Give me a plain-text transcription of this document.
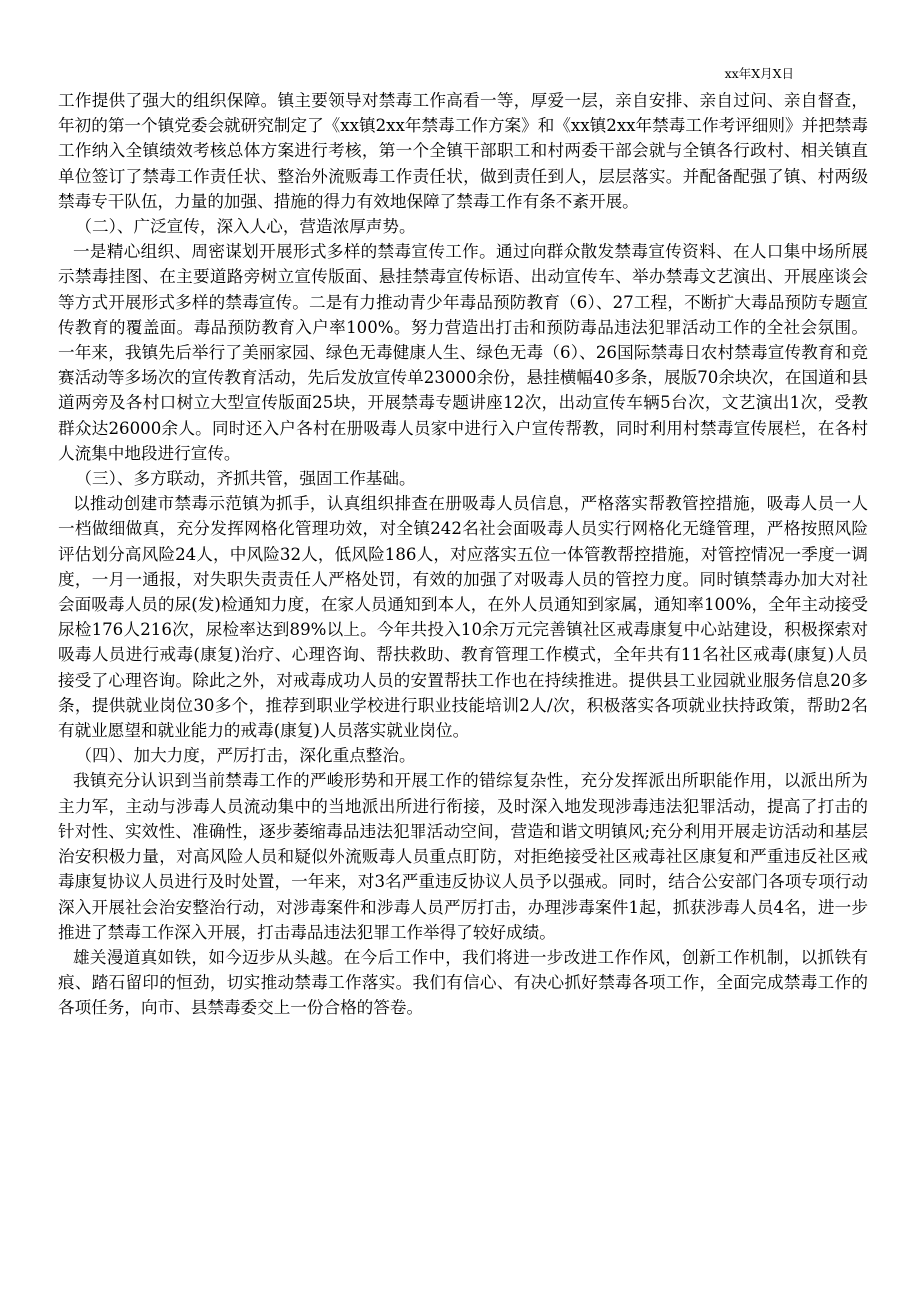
xx年X月X日

工作提供了强大的组织保障。镇主要领导对禁毒工作高看一等，厚爱一层，亲自安排、亲自过问、亲自督查，年初的第一个镇党委会就研究制定了《xx镇2xx年禁毒工作方案》和《xx镇2xx年禁毒工作考评细则》并把禁毒工作纳入全镇绩效考核总体方案进行考核，第一个全镇干部职工和村两委干部会就与全镇各行政村、相关镇直单位签订了禁毒工作责任状、整治外流贩毒工作责任状，做到责任到人，层层落实。并配备配强了镇、村两级禁毒专干队伍，力量的加强、措施的得力有效地保障了禁毒工作有条不紊开展。

（二）、广泛宣传，深入人心，营造浓厚声势。

一是精心组织、周密谋划开展形式多样的禁毒宣传工作。通过向群众散发禁毒宣传资料、在人口集中场所展示禁毒挂图、在主要道路旁树立宣传版面、悬挂禁毒宣传标语、出动宣传车、举办禁毒文艺演出、开展座谈会等方式开展形式多样的禁毒宣传。二是有力推动青少年毒品预防教育（6）、27工程，不断扩大毒品预防专题宣传教育的覆盖面。毒品预防教育入户率100%。努力营造出打击和预防毒品违法犯罪活动工作的全社会氛围。一年来，我镇先后举行了美丽家园、绿色无毒健康人生、绿色无毒（6）、26国际禁毒日农村禁毒宣传教育和竞赛活动等多场次的宣传教育活动，先后发放宣传单23000余份，悬挂横幅40多条，展版70余块次，在国道和县道两旁及各村口树立大型宣传版面25块，开展禁毒专题讲座12次，出动宣传车辆5台次，文艺演出1次，受教群众达26000余人。同时还入户各村在册吸毒人员家中进行入户宣传帮教，同时利用村禁毒宣传展栏，在各村人流集中地段进行宣传。

（三）、多方联动，齐抓共管，强固工作基础。

以推动创建市禁毒示范镇为抓手，认真组织排查在册吸毒人员信息，严格落实帮教管控措施，吸毒人员一人一档做细做真，充分发挥网格化管理功效，对全镇242名社会面吸毒人员实行网格化无缝管理，严格按照风险评估划分高风险24人，中风险32人，低风险186人，对应落实五位一体管教帮控措施，对管控情况一季度一调度，一月一通报，对失职失责责任人严格处罚，有效的加强了对吸毒人员的管控力度。同时镇禁毒办加大对社会面吸毒人员的尿(发)检通知力度，在家人员通知到本人，在外人员通知到家属，通知率100%，全年主动接受尿检176人216次，尿检率达到89%以上。今年共投入10余万元完善镇社区戒毒康复中心站建设，积极探索对吸毒人员进行戒毒(康复)治疗、心理咨询、帮扶救助、教育管理工作模式，全年共有11名社区戒毒(康复)人员接受了心理咨询。除此之外，对戒毒成功人员的安置帮扶工作也在持续推进。提供县工业园就业服务信息20多条，提供就业岗位30多个，推荐到职业学校进行职业技能培训2人/次，积极落实各项就业扶持政策，帮助2名有就业愿望和就业能力的戒毒(康复)人员落实就业岗位。

（四）、加大力度，严厉打击，深化重点整治。

我镇充分认识到当前禁毒工作的严峻形势和开展工作的错综复杂性，充分发挥派出所职能作用，以派出所为主力军，主动与涉毒人员流动集中的当地派出所进行衔接，及时深入地发现涉毒违法犯罪活动，提高了打击的针对性、实效性、准确性，逐步萎缩毒品违法犯罪活动空间，营造和谐文明镇风;充分利用开展走访活动和基层治安积极力量，对高风险人员和疑似外流贩毒人员重点盯防，对拒绝接受社区戒毒社区康复和严重违反社区戒毒康复协议人员进行及时处置，一年来，对3名严重违反协议人员予以强戒。同时，结合公安部门各项专项行动深入开展社会治安整治行动，对涉毒案件和涉毒人员严厉打击，办理涉毒案件1起，抓获涉毒人员4名，进一步推进了禁毒工作深入开展，打击毒品违法犯罪工作举得了较好成绩。

雄关漫道真如铁，如今迈步从头越。在今后工作中，我们将进一步改进工作作风，创新工作机制，以抓铁有痕、踏石留印的恒劲，切实推动禁毒工作落实。我们有信心、有决心抓好禁毒各项工作，全面完成禁毒工作的各项任务，向市、县禁毒委交上一份合格的答卷。
